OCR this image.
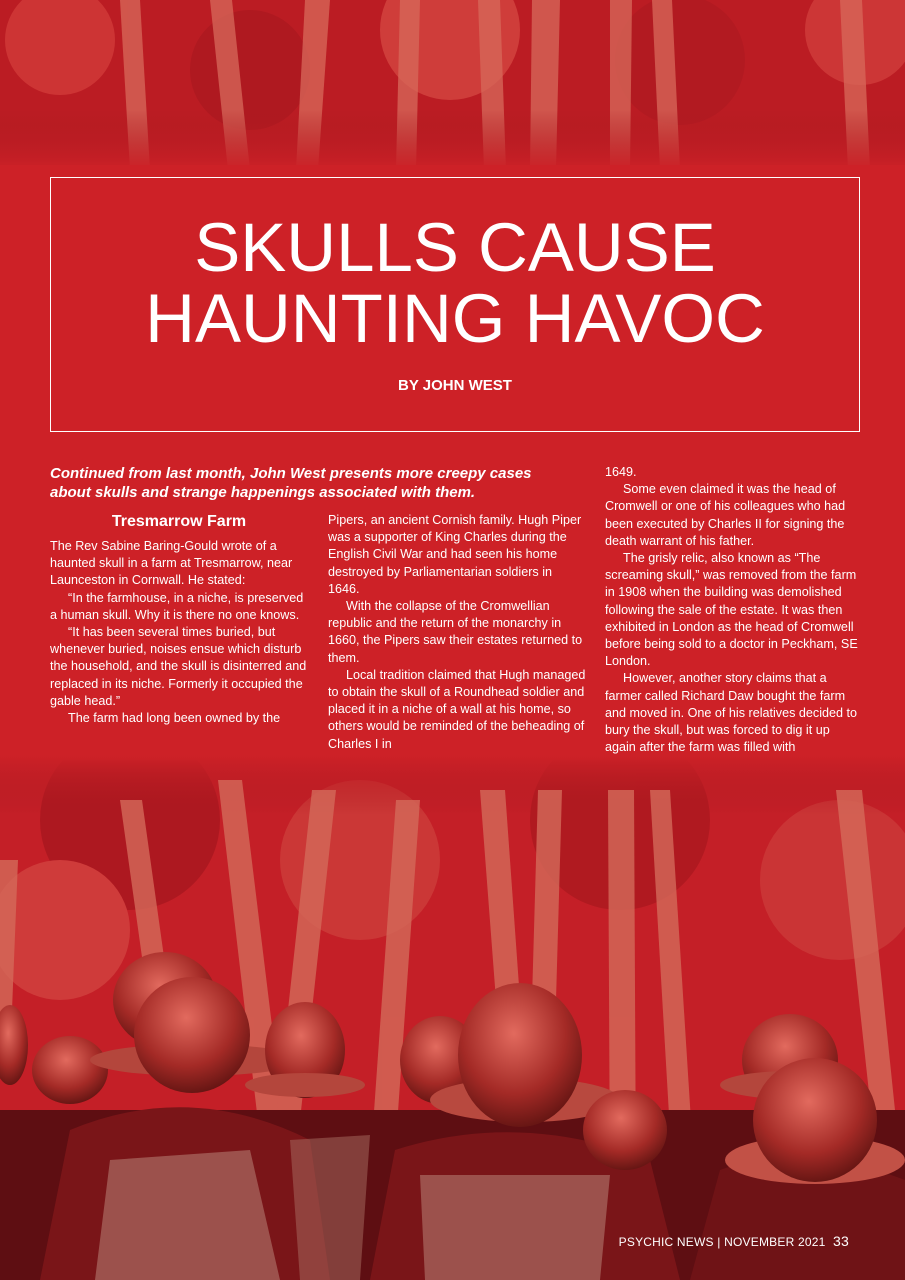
SKULLS CAUSE
HAUNTING HAVOC
BY JOHN WEST

Continued from last month, John West presents more creepy cases about skulls and strange happenings associated with them.

Tresmarrow Farm

The Rev Sabine Baring-Gould wrote of a haunted skull in a farm at Tresmarrow, near Launceston in Cornwall. He stated:

“In the farmhouse, in a niche, is preserved a human skull. Why it is there no one knows.

“It has been several times buried, but whenever buried, noises ensue which disturb the household, and the skull is disinterred and replaced in its niche. Formerly it occupied the gable head.”

The farm had long been owned by the

Pipers, an ancient Cornish family. Hugh Piper was a supporter of King Charles during the English Civil War and had seen his home destroyed by Parliamentarian soldiers in 1646.

With the collapse of the Cromwellian republic and the return of the monarchy in 1660, the Pipers saw their estates returned to them.

Local tradition claimed that Hugh managed to obtain the skull of a Roundhead soldier and placed it in a niche of a wall at his home, so others would be reminded of the beheading of Charles I in

1649.

Some even claimed it was the head of Cromwell or one of his colleagues who had been executed by Charles II for signing the death warrant of his father.

The grisly relic, also known as “The screaming skull,” was removed from the farm in 1908 when the building was demolished following the sale of the estate. It was then exhibited in London as the head of Cromwell before being sold to a doctor in Peckham, SE London.

However, another story claims that a farmer called Richard Daw bought the farm and moved in. One of his relatives decided to bury the skull, but was forced to dig it up again after the farm was filled with

PSYCHIC NEWS | NOVEMBER 2021 33
